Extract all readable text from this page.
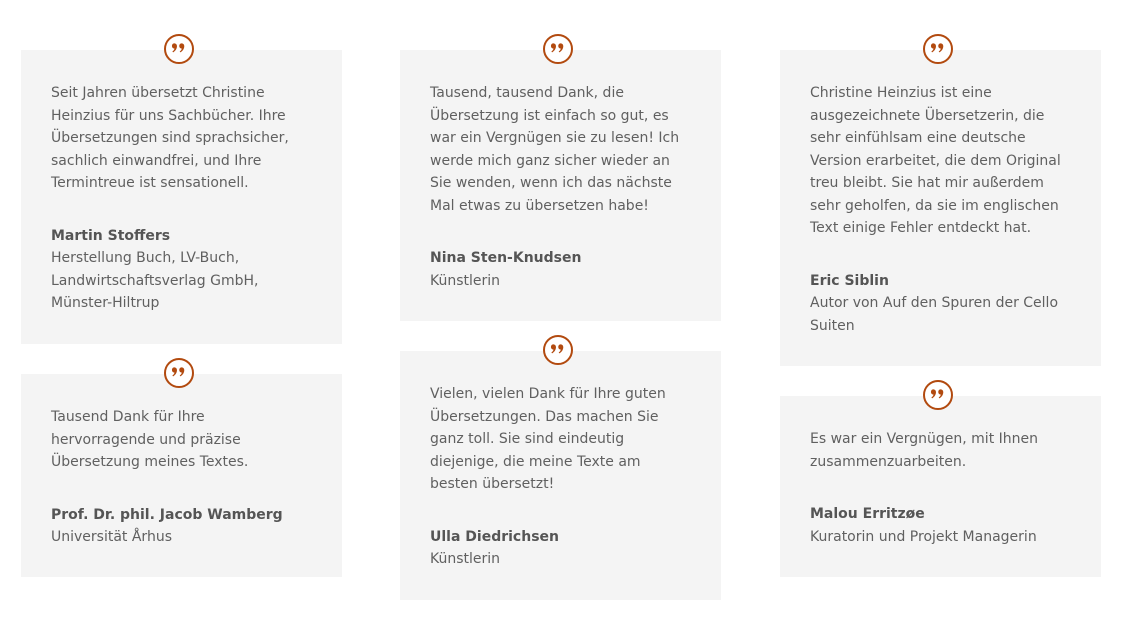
Seit Jahren übersetzt Christine Heinzius für uns Sachbücher. Ihre Übersetzungen sind sprachsicher, sachlich einwandfrei, und Ihre Termintreue ist sensationell.

Martin Stoffers
Herstellung Buch, LV-Buch, Landwirtschaftsverlag GmbH, Münster-Hiltrup

Tausend Dank für Ihre hervorragende und präzise Übersetzung meines Textes.

Prof. Dr. phil. Jacob Wamberg
Universität Århus

Tausend, tausend Dank, die Übersetzung ist einfach so gut, es war ein Vergnügen sie zu lesen! Ich werde mich ganz sicher wieder an Sie wenden, wenn ich das nächste Mal etwas zu übersetzen habe!

Nina Sten-Knudsen
Künstlerin

Vielen, vielen Dank für Ihre guten Übersetzungen. Das machen Sie ganz toll. Sie sind eindeutig diejenige, die meine Texte am besten übersetzt!

Ulla Diedrichsen
Künstlerin

Christine Heinzius ist eine ausgezeichnete Übersetzerin, die sehr einfühlsam eine deutsche Version erarbeitet, die dem Original treu bleibt. Sie hat mir außerdem sehr geholfen, da sie im englischen Text einige Fehler entdeckt hat.

Eric Siblin
Autor von Auf den Spuren der Cello Suiten

Es war ein Vergnügen, mit Ihnen zusammenzuarbeiten.

Malou Erritzøe
Kuratorin und Projekt Managerin
